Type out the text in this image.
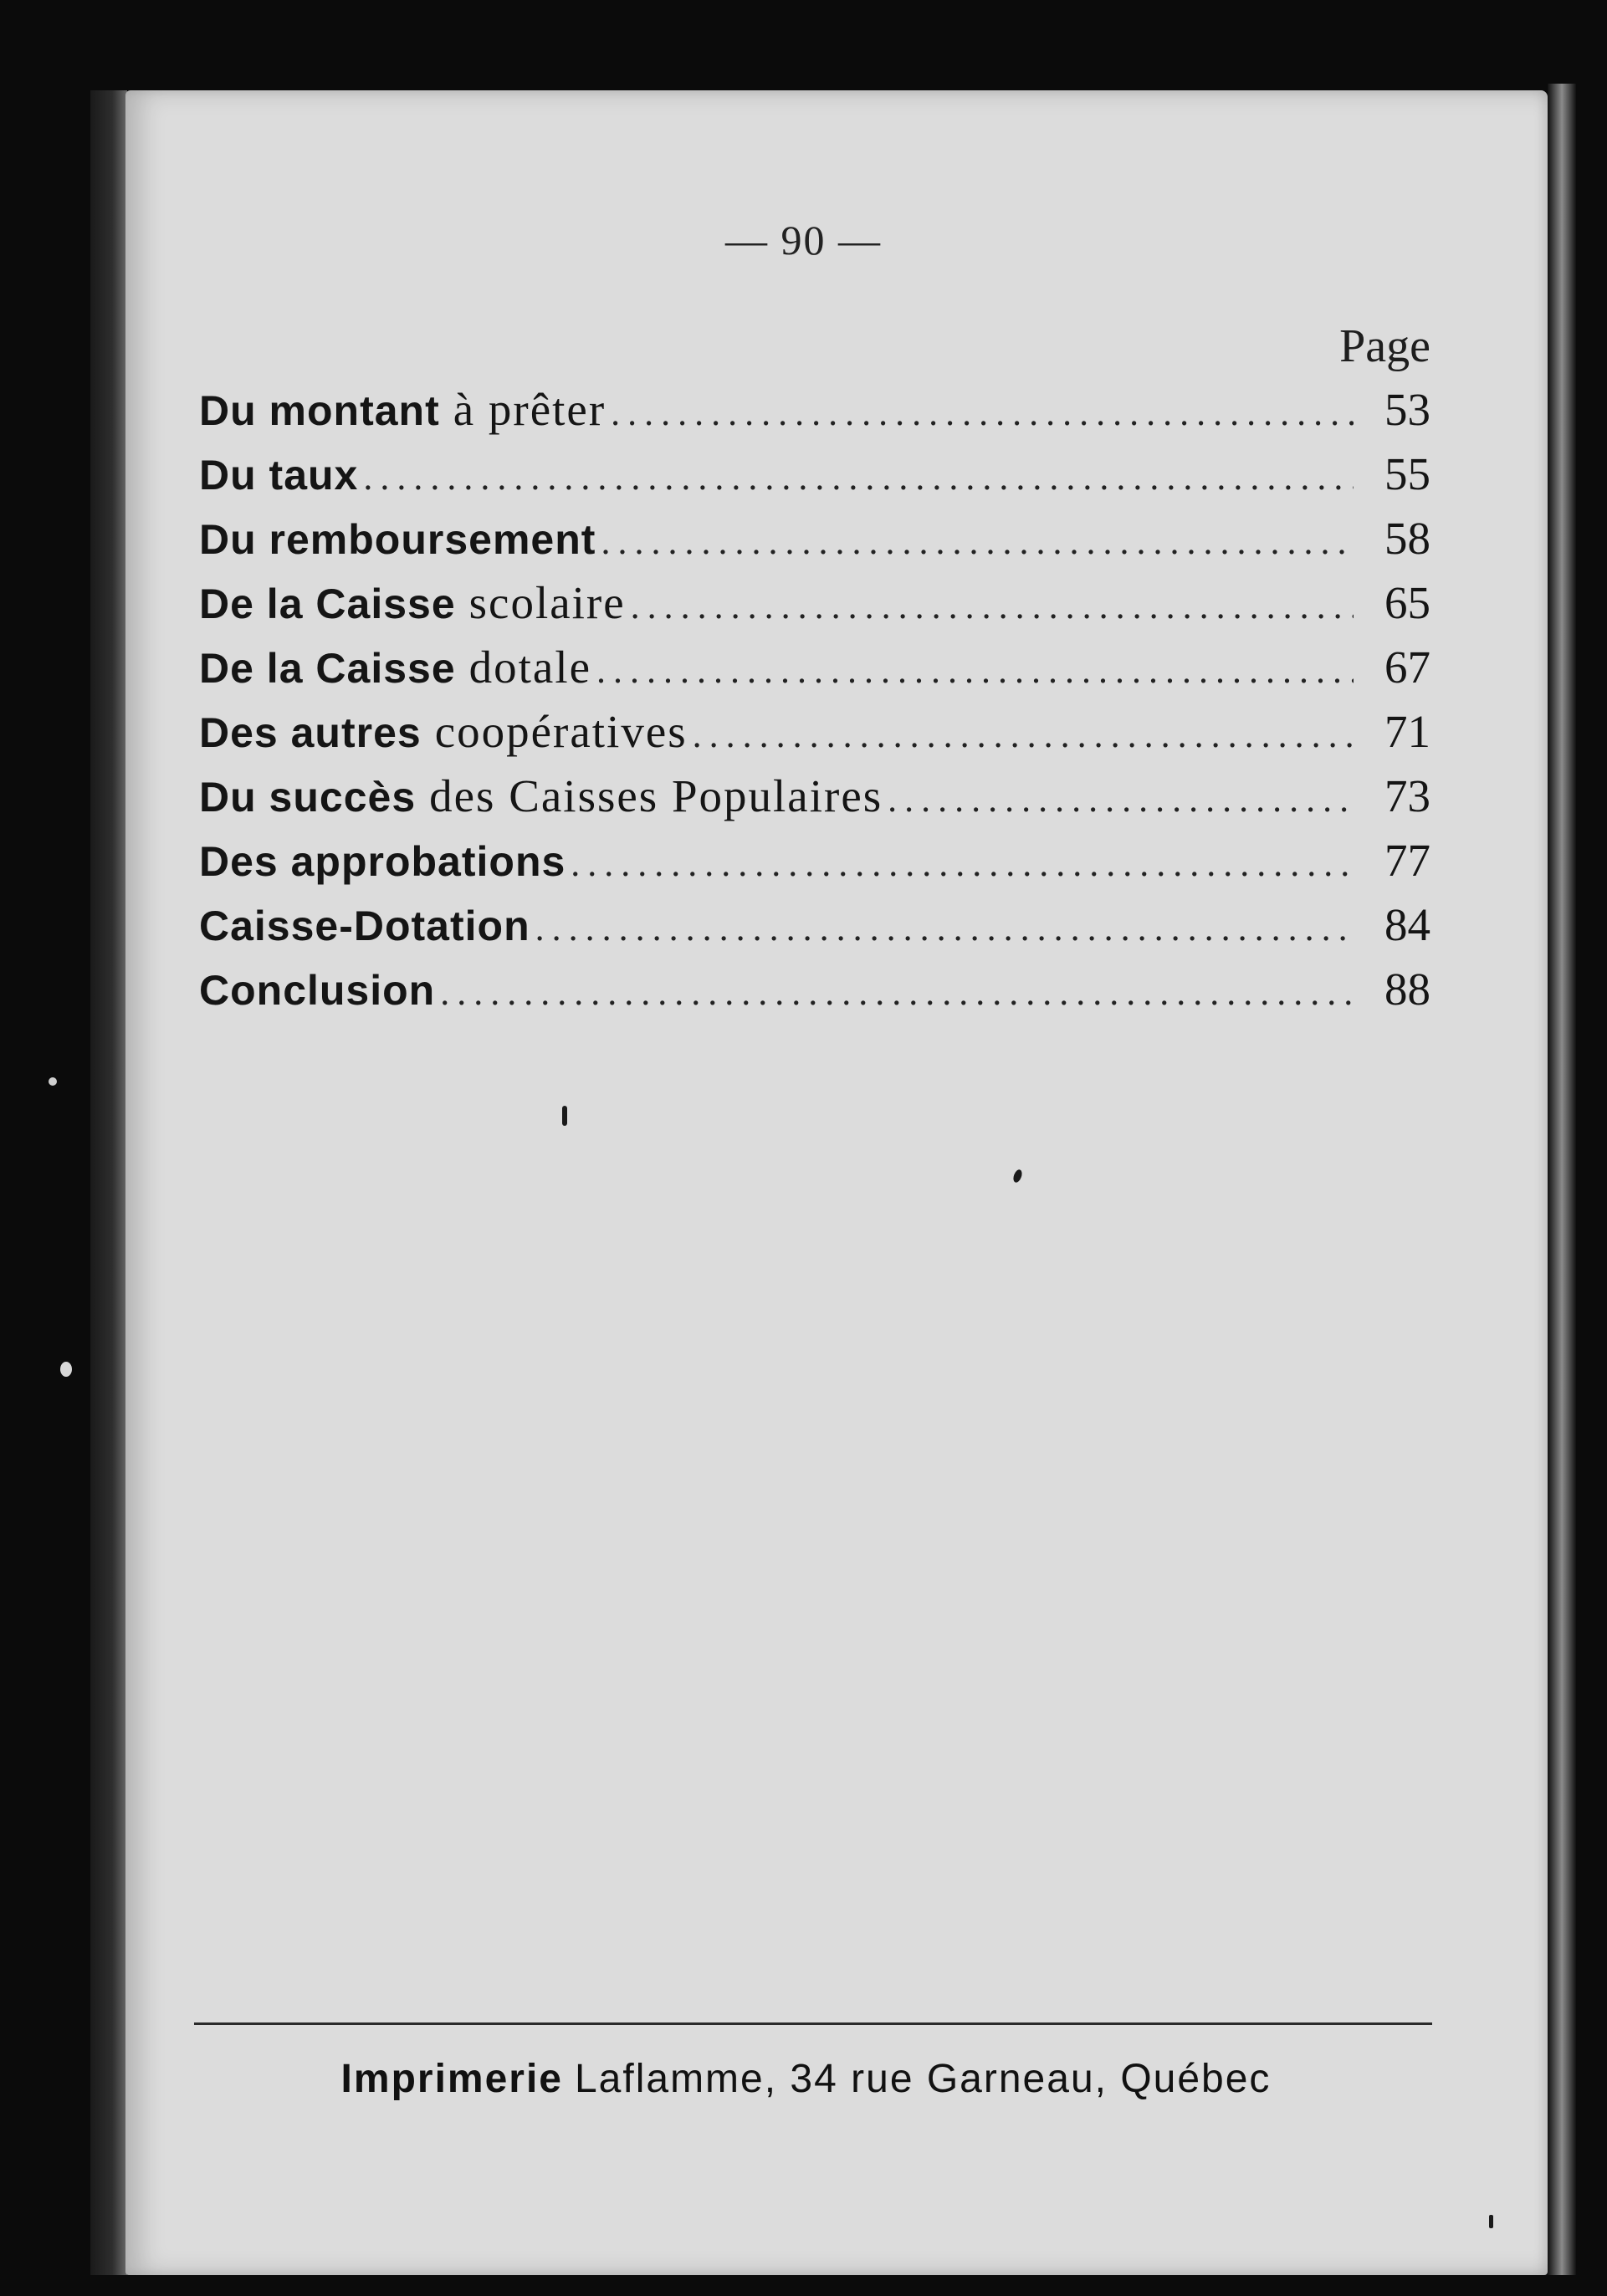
— 90 —
Page
Du montant à prêter .....	53
Du taux .....	55
Du remboursement .....	58
De la Caisse scolaire .....	65
De la Caisse dotale .....	67
Des autres coopératives .....	71
Du succès des Caisses Populaires .....	73
Des approbations .....	77
Caisse-Dotation .....	84
Conclusion .....	88
Imprimerie Laflamme, 34 rue Garneau, Québec
